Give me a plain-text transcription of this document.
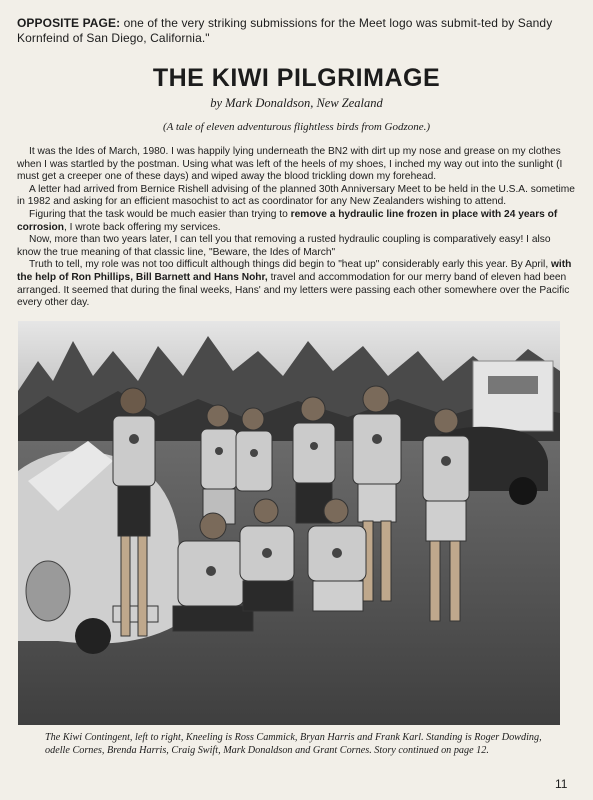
OPPOSITE PAGE: one of the very striking submissions for the Meet logo was submit-ted by Sandy Kornfeind of San Diego, California."
THE KIWI PILGRIMAGE
by Mark Donaldson, New Zealand
(A tale of eleven adventurous flightless birds from Godzone.)

It was the Ides of March, 1980. I was happily lying underneath the BN2 with dirt up my nose and grease on my clothes when I was startled by the postman. Using what was left of the heels of my shoes, I inched my way out into the sunlight (I must get a creeper one of these days) and wiped away the blood trickling down my forehead.

A letter had arrived from Bernice Rishell advising of the planned 30th Anniversary Meet to be held in the U.S.A. sometime in 1982 and asking for an efficient masochist to act as coordinator for any New Zealanders wishing to attend.

Figuring that the task would be much easier than trying to remove a hydraulic line frozen in place with 24 years of corrosion, I wrote back offering my services.

Now, more than two years later, I can tell you that removing a rusted hydraulic coupling is comparatively easy! I also know the true meaning of that classic line, "Beware, the Ides of March"

Truth to tell, my role was not too difficult although things did begin to "heat up" considerably early this year. By April, with the help of Ron Phillips, Bill Barnett and Hans Nohr, travel and accommodation for our merry band of eleven had been arranged. It seemed that during the final weeks, Hans' and my letters were passing each other somewhere over the Pacific every other day.

The Kiwi Contingent, left to right, Kneeling is Ross Cammick, Bryan Harris and Frank Karl. Standing is Roger Dowding, odelle Cornes, Brenda Harris, Craig Swift, Mark Donaldson and Grant Cornes. Story continued on page 12.
11
